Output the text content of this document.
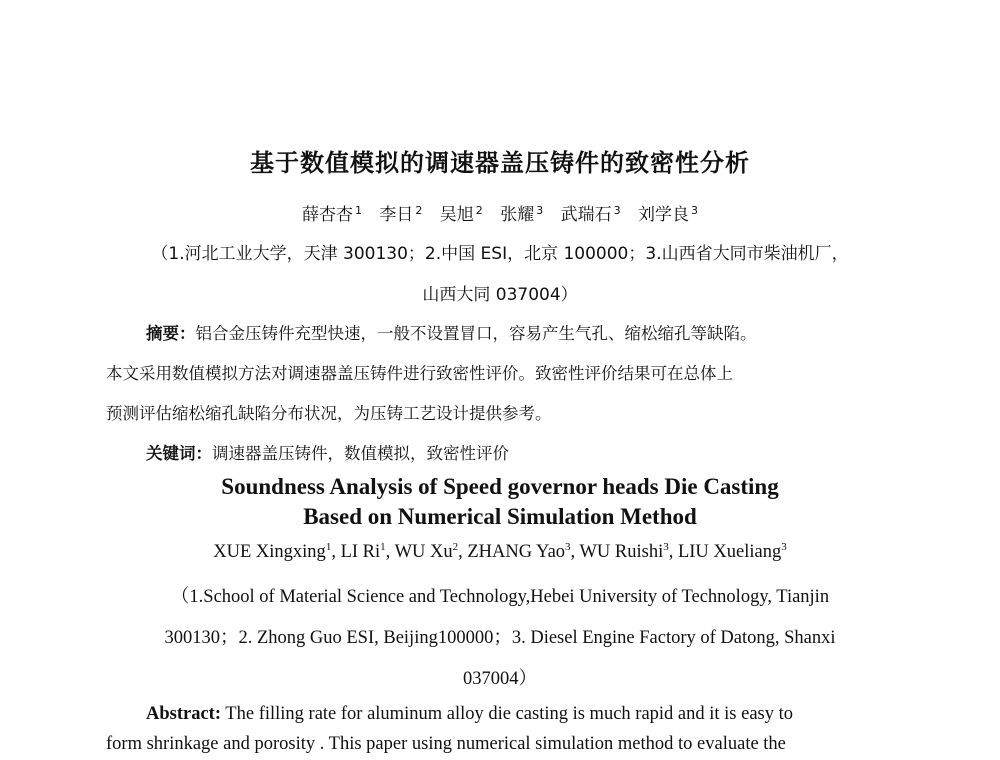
基于数值模拟的调速器盖压铸件的致密性分析
薛杏杏 $^1$ 李日 $^2$ 吴旭 $^2$ 张耀 $^3$ 武瑞石 $^3$ 刘学良 $^3$
（1.河北工业大学，天津 300130；2.中国 ESI，北京 100000；3.山西省大同市柴油机厂，
山西大同 037004）
摘要：铝合金压铸件充型快速，一般不设置冒口，容易产生气孔、缩松缩孔等缺陷。
本文采用数值模拟方法对调速器盖压铸件进行致密性评价。致密性评价结果可在总体上
预测评估缩松缩孔缺陷分布状况，为压铸工艺设计提供参考。
关键词：调速器盖压铸件，数值模拟，致密性评价
Soundness Analysis of Speed governor heads Die Casting
Based on Numerical Simulation Method
XUE Xingxing$^1$, LI Ri$^1$, WU Xu$^2$, ZHANG Yao$^3$, WU Ruishi$^3$, LIU Xueliang$^3$
（1.School of Material Science and Technology,Hebei University of Technology, Tianjin
300130；2. Zhong Guo ESI, Beijing100000；3. Diesel Engine Factory of Datong, Shanxi
037004）
Abstract: The filling rate for aluminum alloy die casting is much rapid and it is easy to
form shrinkage and porosity . This paper using numerical simulation method to evaluate the
